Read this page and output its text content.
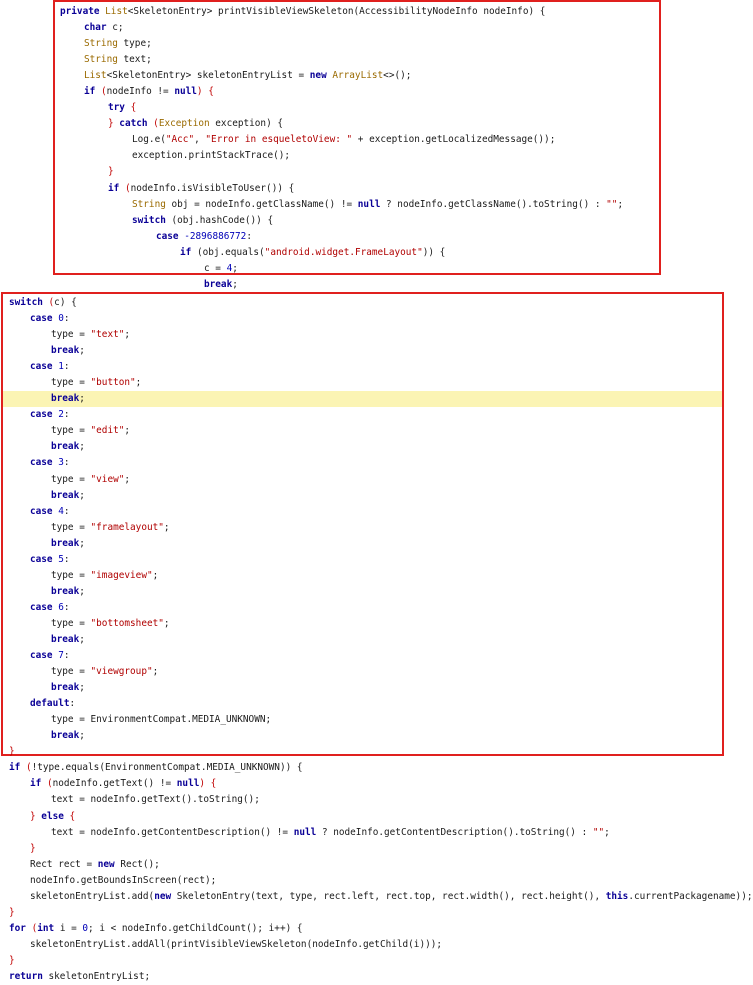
private List<SkeletonEntry> printVisibleViewSkeleton(AccessibilityNodeInfo nodeInfo) {
char c;
String type;
String text;
List<SkeletonEntry> skeletonEntryList = new ArrayList<>();
if (nodeInfo != null) {
try {
} catch (Exception exception) {
Log.e("Acc", "Error in esqueletoView: " + exception.getLocalizedMessage());
exception.printStackTrace();
}
if (nodeInfo.isVisibleToUser()) {
String obj = nodeInfo.getClassName() != null ? nodeInfo.getClassName().toString() : "";
switch (obj.hashCode()) {
case -2896886772:
if (obj.equals("android.widget.FrameLayout")) {
c = 4;
break;
switch (c) {
case 0:
type = "text";
break;
case 1:
type = "button";
break;
case 2:
type = "edit";
break;
case 3:
type = "view";
break;
case 4:
type = "framelayout";
break;
case 5:
type = "imageview";
break;
case 6:
type = "bottomsheet";
break;
case 7:
type = "viewgroup";
break;
default:
type = EnvironmentCompat.MEDIA_UNKNOWN;
break;
}
if (!type.equals(EnvironmentCompat.MEDIA_UNKNOWN)) {
if (nodeInfo.getText() != null) {
text = nodeInfo.getText().toString();
} else {
text = nodeInfo.getContentDescription() != null ? nodeInfo.getContentDescription().toString() : "";
}
Rect rect = new Rect();
nodeInfo.getBoundsInScreen(rect);
skeletonEntryList.add(new SkeletonEntry(text, type, rect.left, rect.top, rect.width(), rect.height(), this.currentPackagename));
}
for (int i = 0; i < nodeInfo.getChildCount(); i++) {
skeletonEntryList.addAll(printVisibleViewSkeleton(nodeInfo.getChild(i)));
}
return skeletonEntryList;
